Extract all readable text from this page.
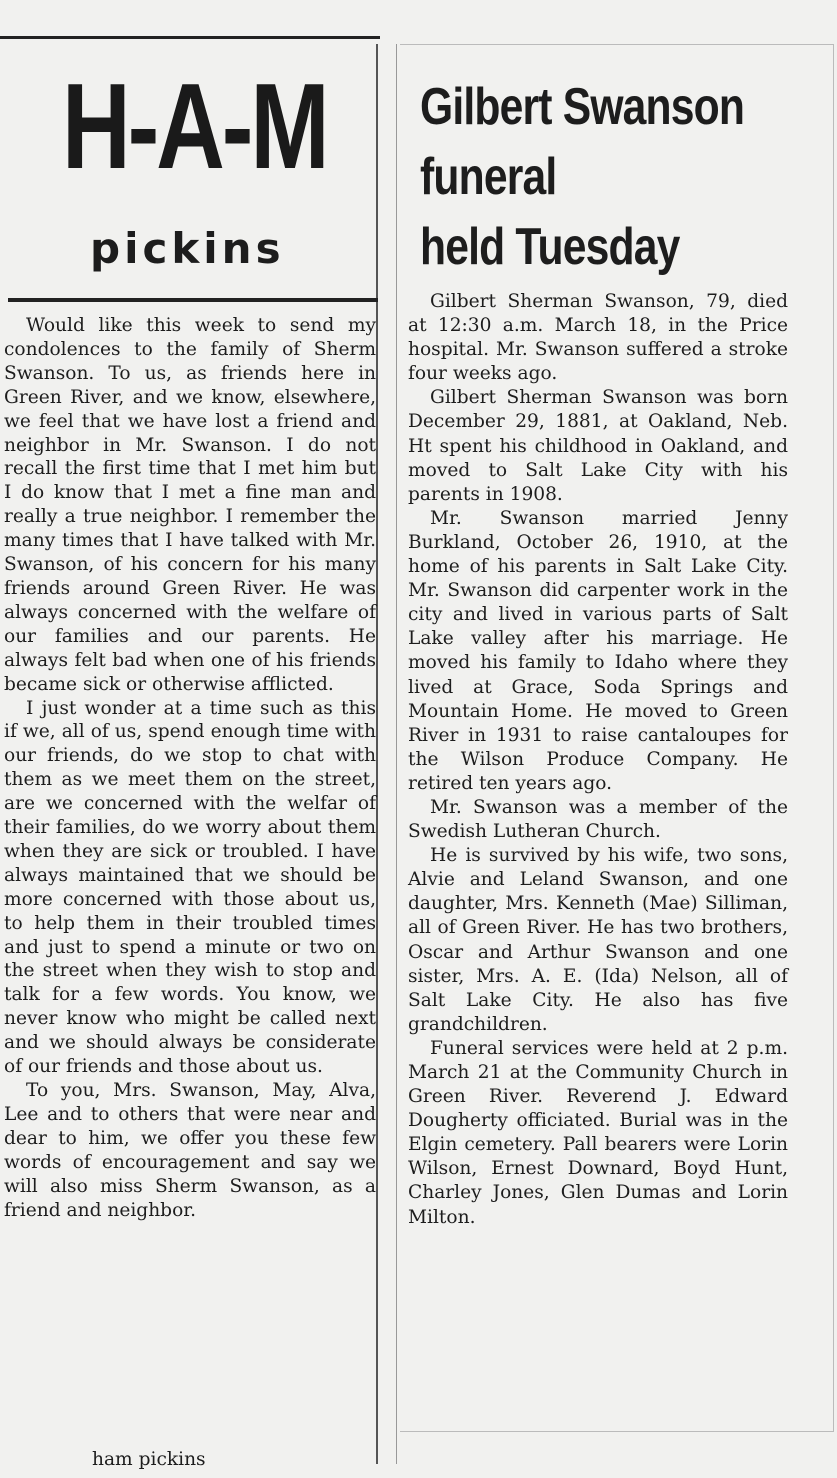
H-A-M
pickins

Would like this week to send my condolences to the family of Sherm Swanson. To us, as friends here in Green River, and we know, elsewhere, we feel that we have lost a friend and neighbor in Mr. Swanson. I do not recall the first time that I met him but I do know that I met a fine man and really a true neighbor. I remember the many times that I have talked with Mr. Swanson, of his concern for his many friends around Green River. He was always concerned with the welfare of our families and our parents. He always felt bad when one of his friends became sick or otherwise afflicted.

I just wonder at a time such as this if we, all of us, spend enough time with our friends, do we stop to chat with them as we meet them on the street, are we concerned with the welfar of their families, do we worry about them when they are sick or troubled. I have always maintained that we should be more concerned with those about us, to help them in their troubled times and just to spend a minute or two on the street when they wish to stop and talk for a few words. You know, we never know who might be called next and we should always be considerate of our friends and those about us.

To you, Mrs. Swanson, May, Alva, Lee and to others that were near and dear to him, we offer you these few words of encouragement and say we will also miss Sherm Swanson, as a friend and neighbor.

ham pickins
Gilbert Swanson
funeral
held Tuesday

Gilbert Sherman Swanson, 79, died at 12:30 a.m. March 18, in the Price hospital. Mr. Swanson suffered a stroke four weeks ago.

Gilbert Sherman Swanson was born December 29, 1881, at Oakland, Neb. Ht spent his childhood in Oakland, and moved to Salt Lake City with his parents in 1908.

Mr. Swanson married Jenny Burkland, October 26, 1910, at the home of his parents in Salt Lake City. Mr. Swanson did carpenter work in the city and lived in various parts of Salt Lake valley after his marriage. He moved his family to Idaho where they lived at Grace, Soda Springs and Mountain Home. He moved to Green River in 1931 to raise cantaloupes for the Wilson Produce Company. He retired ten years ago.

Mr. Swanson was a member of the Swedish Lutheran Church.

He is survived by his wife, two sons, Alvie and Leland Swanson, and one daughter, Mrs. Kenneth (Mae) Silliman, all of Green River. He has two brothers, Oscar and Arthur Swanson and one sister, Mrs. A. E. (Ida) Nelson, all of Salt Lake City. He also has five grandchildren.

Funeral services were held at 2 p.m. March 21 at the Community Church in Green River. Reverend J. Edward Dougherty officiated. Burial was in the Elgin cemetery. Pall bearers were Lorin Wilson, Ernest Downard, Boyd Hunt, Charley Jones, Glen Dumas and Lorin Milton.
